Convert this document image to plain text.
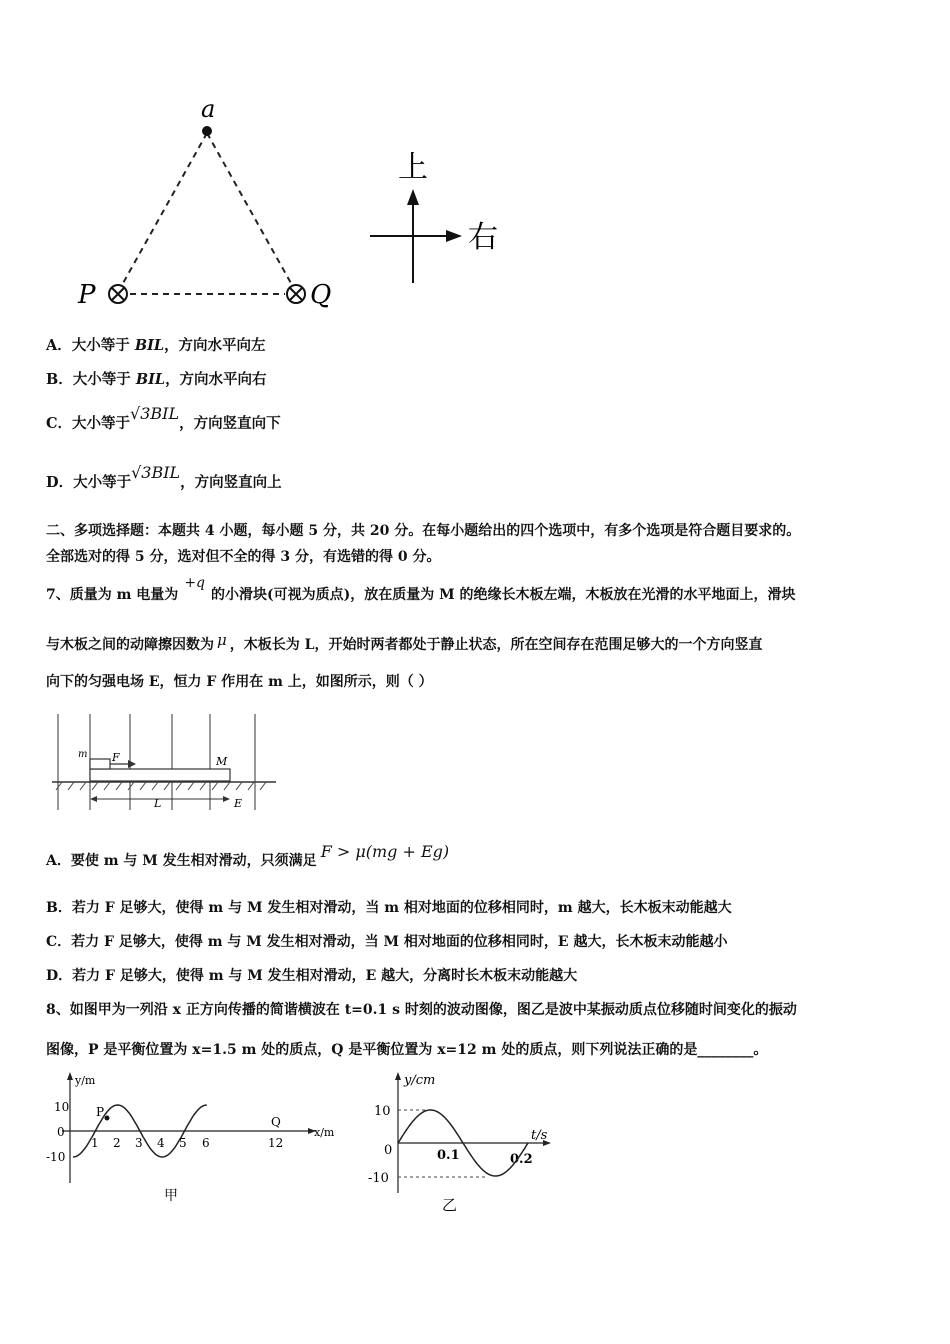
a
P	Q
上
右
A．大小等于 BIL，方向水平向左
B．大小等于 BIL，方向水平向右
C．大小等于√3BIL，方向竖直向下
D．大小等于√3BIL，方向竖直向上
二、多项选择题：本题共 4 小题，每小题 5 分，共 20 分。在每小题给出的四个选项中，有多个选项是符合题目要求的。
全部选对的得 5 分，选对但不全的得 3 分，有选错的得 0 分。
7、质量为 m 电量为+q的小滑块(可视为质点)，放在质量为 M 的绝缘长木板左端，木板放在光滑的水平地面上，滑块
与木板之间的动障擦因数为 μ ，木板长为 L，开始时两者都处于静止状态，所在空间存在范围足够大的一个方向竖直
向下的匀强电场 E，恒力 F 作用在 m 上，如图所示，则（ ）
m F	M
L	E
A．要使 m 与 M 发生相对滑动，只须满足 F > μ(mg + Eg)
B．若力 F 足够大，使得 m 与 M 发生相对滑动，当 m 相对地面的位移相同时，m 越大，长木板末动能越大
C．若力 F 足够大，使得 m 与 M 发生相对滑动，当 M 相对地面的位移相同时，E 越大，长木板末动能越小
D．若力 F 足够大，使得 m 与 M 发生相对滑动，E 越大，分离时长木板末动能越大
8、如图甲为一列沿 x 正方向传播的简谐横波在 t=0.1 s 时刻的波动图像，图乙是波中某振动质点位移随时间变化的振动
图像，P 是平衡位置为 x=1.5 m 处的质点，Q 是平衡位置为 x=12 m 处的质点，则下列说法正确的是________。
y/m
x/m
10
0
-10
1 2 3 4 5 6	12
P
Q
甲
y/cm
t/s
10
0
-10
0.1	0.2
乙
